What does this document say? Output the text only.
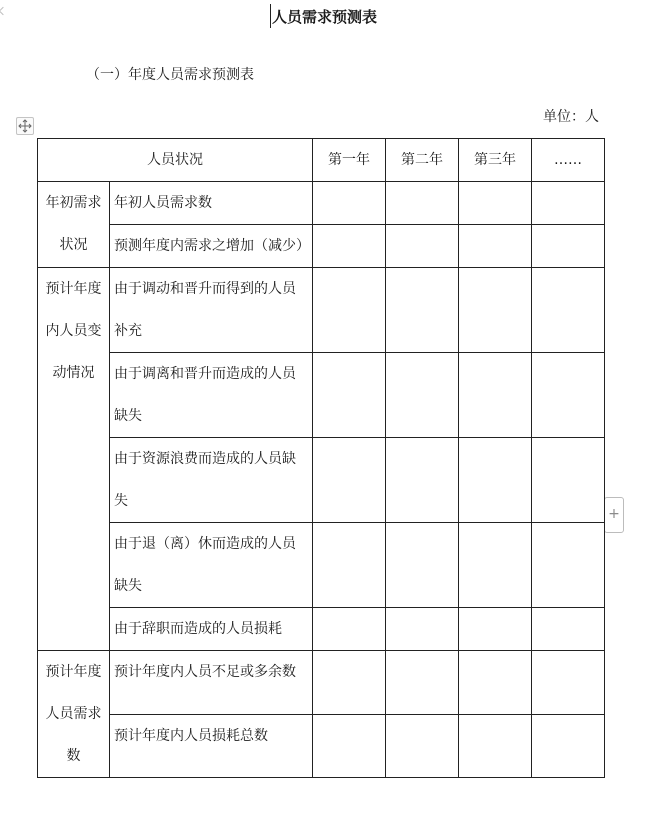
人员需求预测表
（一）年度人员需求预测表
单位：人
+
人员状况		第一年	第二年	第三年	……
年初需求状况	年初人员需求数				
	预测年度内需求之增加（减少）				
预计年度内人员变动情况	由于调动和晋升而得到的人员补充				
	由于调离和晋升而造成的人员缺失				
	由于资源浪费而造成的人员缺失				
	由于退（离）休而造成的人员缺失				
	由于辞职而造成的人员损耗				
预计年度人员需求数	预计年度内人员不足或多余数				
	预计年度内人员损耗总数				
